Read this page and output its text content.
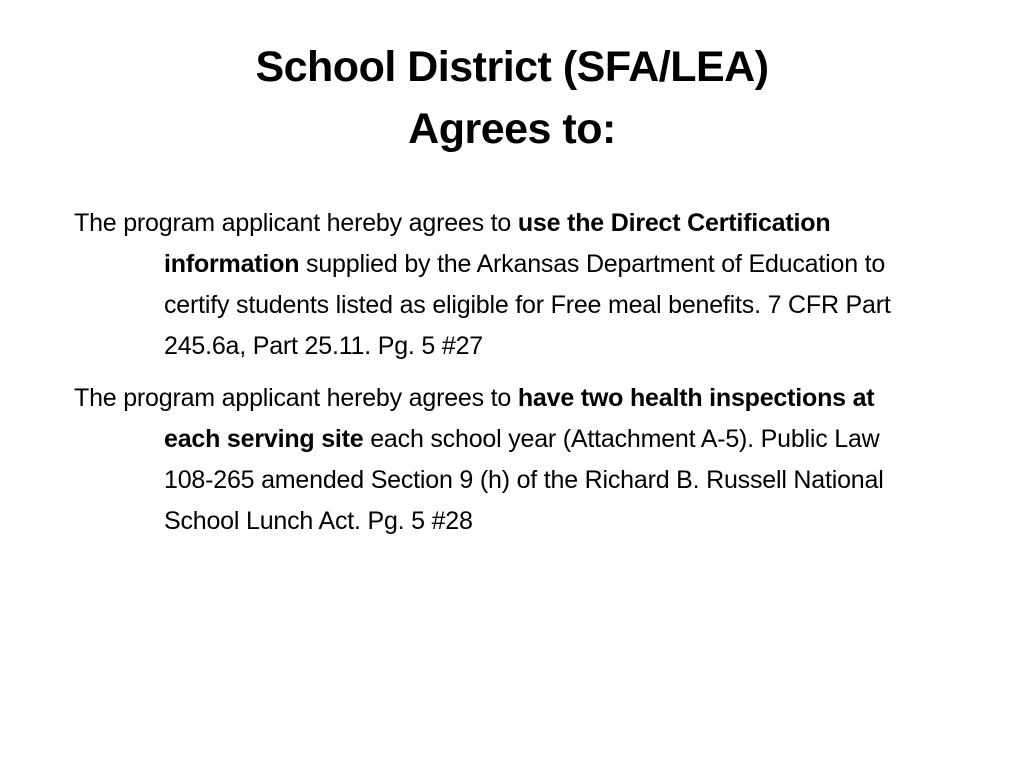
School District (SFA/LEA)
Agrees to:

The program applicant hereby agrees to use the Direct Certification information supplied by the Arkansas Department of Education to certify students listed as eligible for Free meal benefits. 7 CFR Part 245.6a, Part 25.11. Pg. 5 #27

The program applicant hereby agrees to have two health inspections at each serving site each school year (Attachment A-5). Public Law 108-265 amended Section 9 (h) of the Richard B. Russell National School Lunch Act. Pg. 5 #28
